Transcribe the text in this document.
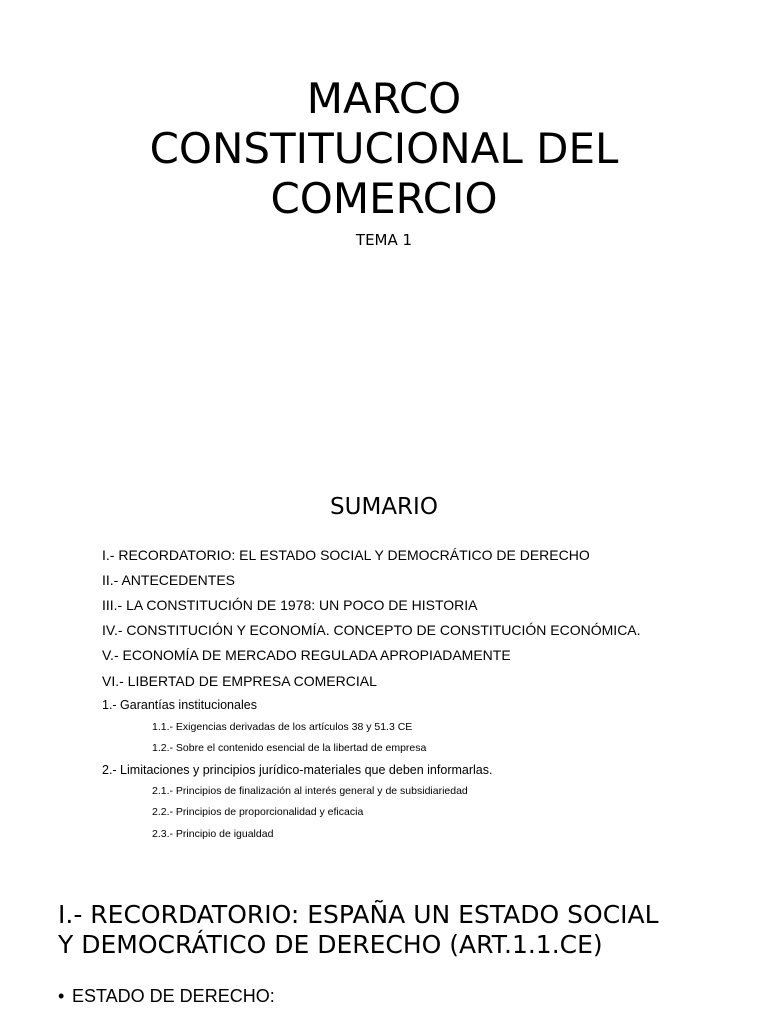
MARCO
CONSTITUCIONAL DEL
COMERCIO
TEMA 1
SUMARIO
I.- RECORDATORIO: EL ESTADO SOCIAL Y DEMOCRÁTICO DE DERECHO
II.- ANTECEDENTES
III.- LA CONSTITUCIÓN DE 1978: UN POCO DE HISTORIA
IV.- CONSTITUCIÓN Y ECONOMÍA. CONCEPTO DE CONSTITUCIÓN ECONÓMICA.
V.- ECONOMÍA DE MERCADO REGULADA APROPIADAMENTE
VI.- LIBERTAD DE EMPRESA COMERCIAL
1.- Garantías institucionales
1.1.- Exigencias derivadas de los artículos 38 y 51.3 CE
1.2.- Sobre el contenido esencial de la libertad de empresa
2.- Limitaciones y principios jurídico-materiales que deben informarlas.
2.1.- Principios de finalización al interés general y de subsidiariedad
2.2.- Principios de proporcionalidad y eficacia
2.3.- Principio de igualdad
I.- RECORDATORIO: ESPAÑA UN ESTADO SOCIAL
Y DEMOCRÁTICO DE DERECHO (ART.1.1.CE)
• ESTADO DE DERECHO:
